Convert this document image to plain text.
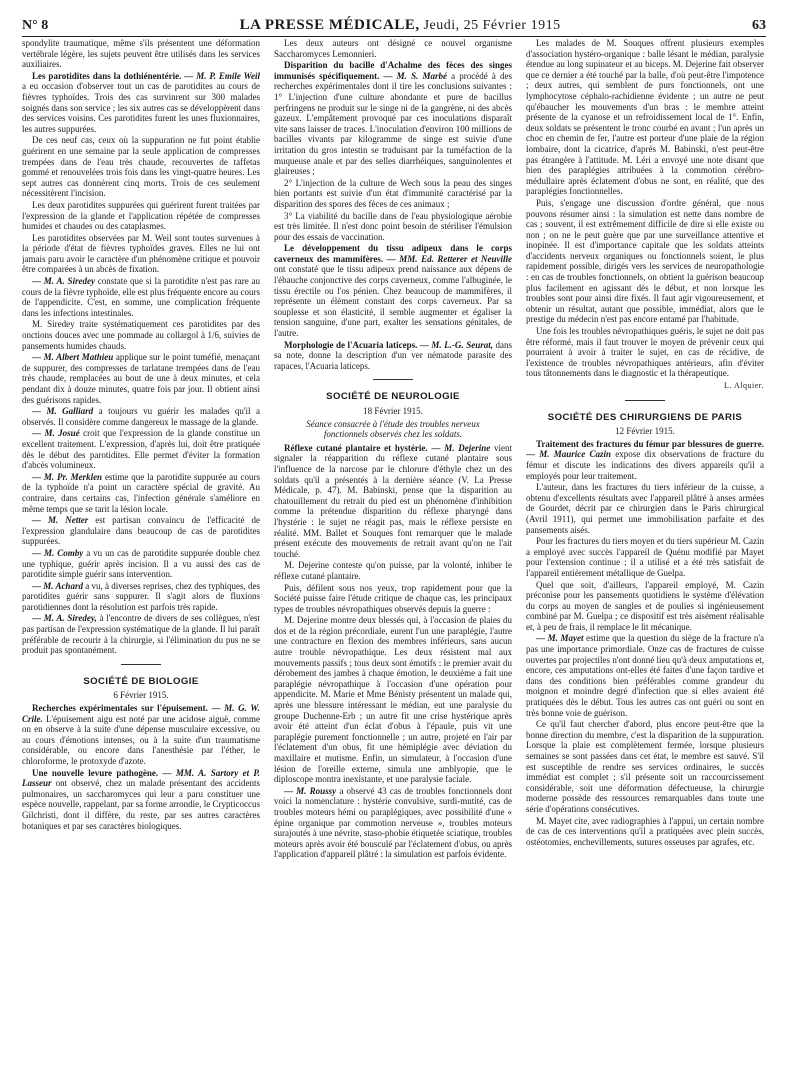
N° 8	LA PRESSE MÉDICALE, Jeudi, 25 Février 1915	63

spondylite traumatique, même s'ils présentent une déformation vertébrale légère, les sujets peuvent être utilisés dans les services auxiliaires.

Les parotidites dans la dothiénentérie. — M. P. Emile Weil a eu occasion d'observer tout un cas de parotidites au cours de fièvres typhoïdes. Trois des cas survinrent sur 300 malades soignés dans son service ; les six autres cas se développèrent dans des services voisins. Ces parotidites furent les unes fluxionnaires, les autres suppurées.

De ces neuf cas, ceux où la suppuration ne fut point établie guérirent en une semaine par la seule application de compresses trempées dans de l'eau très chaude, recouvertes de taffetas gommé et renouvelées trois fois dans les vingt-quatre heures. Les sept autres cas donnèrent cinq morts. Trois de ces seulement nécessitèrent l'incision.

Les deux parotidites suppurées qui guérirent furent traitées par l'expression de la glande et l'application répétée de compresses humides et chaudes ou des cataplasmes.

Les parotidites observées par M. Weil sont toutes survenues à la période d'état de fièvres typhoïdes graves. Elles ne lui ont jamais paru avoir le caractère d'un phénomène critique et pouvoir être comparées à un abcès de fixation.

— M. A. Siredey constate que si la parotidite n'est pas rare au cours de la fièvre typhoïde, elle est plus fréquente encore au cours de l'appendicite. C'est, en somme, une complication fréquente dans les infections intestinales.

M. Siredey traite systématiquement ces parotidites par des onctions douces avec une pommade au collargol à 1/6, suivies de pansements humides chauds.

— M. Albert Mathieu applique sur le point tuméfié, menaçant de suppurer, des compresses de tarlatane trempées dans de l'eau très chaude, remplacées au bout de une à deux minutes, et cela pendant dix à douze minutes, quatre fois par jour. Il obtient ainsi des guérisons rapides.

— M. Galliard a toujours vu guérir les malades qu'il a observés. Il considère comme dangereux le massage de la glande.

— M. Josué croit que l'expression de la glande constitue un excellent traitement. L'expression, d'après lui, doit être pratiquée dès le début des parotidites. Elle permet d'éviter la formation d'abcès volumineux.

— M. Pr. Merklen estime que la parotidite suppurée au cours de la typhoïde n'a point un caractère spécial de gravité. Au contraire, dans certains cas, l'infection générale s'améliore en même temps que se tarit la lésion locale.

— M. Netter est partisan convaincu de l'efficacité de l'expression glandulaire dans beaucoup de cas de parotidites suppurées.

— M. Comby a vu un cas de parotidite suppurée double chez une typhique, guérir après incision. Il a vu aussi des cas de parotidite simple guérir sans intervention.

— M. Achard a vu, à diverses reprises, chez des typhiques, des parotidites guérir sans suppurer. Il s'agit alors de fluxions parotidiennes dont la résolution est parfois très rapide.

— M. A. Siredey, à l'encontre de divers de ses collègues, n'est pas partisan de l'expression systématique de la glande. Il lui paraît préférable de recourir à la chirurgie, si l'élimination du pus ne se produit pas spontanément.

SOCIÉTÉ DE BIOLOGIE
6 Février 1915.

Recherches expérimentales sur l'épuisement. — M. G. W. Crile. L'épuisement aigu est noté par une acidose aiguë, comme on en observe à la suite d'une dépense musculaire excessive, ou au cours d'émotions intenses, ou à la suite d'un traumatisme considérable, ou encore dans l'anesthésie par l'éther, le chloroforme, le protoxyde d'azote.

Une nouvelle levure pathogène. — MM. A. Sartory et P. Lasseur ont observé, chez un malade présentant des accidents pulmonaires, un saccharomyces qui leur a paru constituer une espèce nouvelle, rappelant, par sa forme arrondie, le Crypticoccus Gilchristi, dont il diffère, du reste, par ses autres caractères botaniques et par ses caractères biologiques.

Les deux auteurs ont désigné ce nouvel organisme Saccharomyces Lemonnieri.

Disparition du bacille d'Achalme des fèces des singes immunisés spécifiquement. — M. S. Marbé a procédé à des recherches expérimentales dont il tire les conclusions suivantes : 1° L'injection d'une culture abondante et pure de bacillus perfringens ne produit sur le singe ni de la gangrène, ni des abcès gazeux. L'empâtement provoqué par ces inoculations disparaît vite sans laisser de traces. L'inoculation d'environ 100 millions de bacilles vivants par kilogramme de singe est suivie d'une irritation du gros intestin se traduisant par la tuméfaction de la muqueuse anale et par des selles diarrhéiques, sanguinolentes et glaireuses ;

2° L'injection de la culture de Wech sous la peau des singes bien portants est suivie d'un état d'immunité caractérisé par la disparition des spores des fèces de ces animaux ;

3° La viabilité du bacille dans de l'eau physiologique aérobie est très limitée. Il n'est donc point besoin de stériliser l'émulsion pour des essais de vaccination.

Le développement du tissu adipeux dans le corps caverneux des mammifères. — MM. Ed. Retterer et Neuville ont constaté que le tissu adipeux prend naissance aux dépens de l'ébauche conjonctive des corps caverneux, comme l'albuginée, le tissu érectile ou l'os pénien. Chez beaucoup de mammifères, il représente un élément constant des corps caverneux. Par sa souplesse et son élasticité, il semble augmenter et égaliser la tension sanguine, d'une part, exalter les sensations génitales, de l'autre.

Morphologie de l'Acuaria laticeps. — M. L.-G. Seurat, dans sa note, donne la description d'un ver nématode parasite des rapaces, l'Acuaria laticeps.

SOCIÉTÉ DE NEUROLOGIE
18 Février 1915.
Séance consacrée à l'étude des troubles nerveux fonctionnels observés chez les soldats.

Réflexe cutané plantaire et hystérie. — M. Dejerine vient signaler la réapparition du réflexe cutané plantaire sous l'influence de la narcose par le chlorure d'éthyle chez un des soldats qu'il a présentés à la dernière séance (V. La Presse Médicale, p. 47). M. Babinski, pense que la disparition au chatouillement du retrait du pied est un phénomène d'inhibition comme la prétendue disparition du réflexe pharyngé dans l'hystérie : le sujet ne réagit pas, mais le réflexe persiste en réalité. MM. Ballet et Souques font remarquer que le malade présent exécute des mouvements de retrait avant qu'on ne l'ait touché.

M. Dejerine conteste qu'on puisse, par la volonté, inhiber le réflexe cutané plantaire.

Puis, défilent sous nos yeux, trop rapidement pour que la Société puisse faire l'étude critique de chaque cas, les principaux types de troubles névropathiques observés depuis la guerre :

M. Dejerine montre deux blessés qui, à l'occasion de plaies du dos et de la région précordiale, eurent l'un une paraplégie, l'autre une contracture en flexion des membres inférieurs, sans aucun autre trouble névropathique. Les deux résistent mal aux mouvements passifs ; tous deux sont émotifs : le premier avait du dérobement des jambes à chaque émotion, le deuxième a fait une paraplégie névropathique à l'occasion d'une opération pour appendicite. M. Marie et Mme Bénisty présentent un malade qui, après une blessure intéressant le médian, eut une paralysie du groupe Duchenne-Erb ; un autre fit une crise hystérique après avoir été atteint d'un éclat d'obus à l'épaule, puis vit une paraplégie purement fonctionnelle ; un autre, projeté en l'air par l'éclatement d'un obus, fit une hémiplégie avec déviation du maxillaire et mutisme. Enfin, un simulateur, à l'occasion d'une lésion de l'oreille externe, simula une amblyopie, que le diploscope montra inexistante, et une paralysie faciale.

— M. Roussy a observé 43 cas de troubles fonctionnels dont voici la nomenclature : hystérie convulsive, surdi-mutité, cas de troubles moteurs hémi ou paraplégiques, avec possibilité d'une « épine organique par commotion nerveuse », troubles moteurs surajoutés à une névrite, staso-phobie étiquetée sciatique, troubles moteurs après avoir été bousculé par l'éclatement d'obus, ou après l'application d'appareil plâtré : la simulation est parfois évidente.

Les malades de M. Souques offrent plusieurs exemples d'association hystéro-organique : balle lésant le médian, paralysie étendue au long supinateur et au biceps. M. Dejerine fait observer que ce dernier a été touché par la balle, d'où peut-être l'impotence ; deux autres, qui semblent de purs fonctionnels, ont une lymphocytose céphalo-rachidienne évidente ; un autre ne peut qu'ébaucher les mouvements d'un bras : le membre atteint présente de la cyanose et un refroidissement local de 1°. Enfin, deux soldats se présentent le tronc courbé en avant ; l'un après un choc en chemin de fer, l'autre est porteur d'une plaie de la région lombaire, dont la cicatrice, d'après M. Babinski, n'est peut-être pas étrangère à l'attitude. M. Léri a envoyé une note disant que bien des paraplégies attribuées à la commotion cérébro-médullaire après éclatement d'obus ne sont, en réalité, que des paraplégies fonctionnelles.

Puis, s'engage une discussion d'ordre général, que nous pouvons résumer ainsi : la simulation est nette dans nombre de cas ; souvent, il est extrêmement difficile de dire si elle existe ou non ; on ne le peut guère que par une surveillance attentive et inopinée. Il est d'importance capitale que les soldats atteints d'accidents nerveux organiques ou fonctionnels soient, le plus rapidement possible, dirigés vers les services de neuropathologie : en cas de troubles fonctionnels, on obtient la guérison beaucoup plus facilement en agissant dès le début, et non lorsque les troubles sont pour ainsi dire fixés. Il faut agir vigoureusement, et obtenir un résultat, autant que possible, immédiat, alors que le prestige du médecin n'est pas encore entamé par l'habitude.

Une fois les troubles névropathiques guéris, le sujet ne doit pas être réformé, mais il faut trouver le moyen de prévenir ceux qui pourraient à avoir à traiter le sujet, en cas de récidive, de l'existence de troubles névropathiques antérieurs, afin d'éviter tous tâtonnements dans le diagnostic et la thérapeutique.

L. Alquier.
SOCIÉTÉ DES CHIRURGIENS DE PARIS
12 Février 1915.

Traitement des fractures du fémur par blessures de guerre. — M. Maurice Cazin expose dix observations de fracture du fémur et discute les indications des divers appareils qu'il a employés pour leur traitement.

L'auteur, dans les fractures du tiers inférieur de la cuisse, a obtenu d'excellents résultats avec l'appareil plâtré à anses armées de Gourdet, décrit par ce chirurgien dans le Paris chirurgical (Avril 1911), qui permet une immobilisation parfaite et des pansements aisés.

Pour les fractures du tiers moyen et du tiers supérieur M. Cazin a employé avec succès l'appareil de Quénu modifié par Mayet pour l'extension continue ; il a utilisé et a été très satisfait de l'appareil entièrement métallique de Guelpa.

Quel que soit, d'ailleurs, l'appareil employé, M. Cazin préconise pour les pansements quotidiens le système d'élévation du corps au moyen de sangles et de poulies si ingénieusement combiné par M. Guelpa ; ce dispositif est très aisément réalisable et, à peu de frais, il remplace le lit mécanique.

— M. Mayet estime que la question du siège de la fracture n'a pas une importance primordiale. Onze cas de fractures de cuisse ouvertes par projectiles n'ont donné lieu qu'à deux amputations et, encore, ces amputations ont-elles été faites d'une façon tardive et dans des conditions bien préférables comme grandeur du moignon et moindre degré d'infection que si elles avaient été pratiquées dès le début. Tous les autres cas ont guéri ou sont en très bonne voie de guérison.

Ce qu'il faut chercher d'abord, plus encore peut-être que la bonne direction du membre, c'est la disparition de la suppuration. Lorsque la plaie est complètement fermée, lorsque plusieurs semaines se sont passées dans cet état, le membre est sauvé. S'il est susceptible de rendre ses services ordinaires, le succès immédiat est complet ; s'il présente soit un raccourcissement considérable, soit une déformation défectueuse, la chirurgie moderne possède des ressources remarquables dans toute une série d'opérations consécutives.

M. Mayet cite, avec radiographies à l'appui, un certain nombre de cas de ces interventions qu'il a pratiquées avec plein succès, ostéotomies, enchevillements, sutures osseuses par agrafes, etc.
